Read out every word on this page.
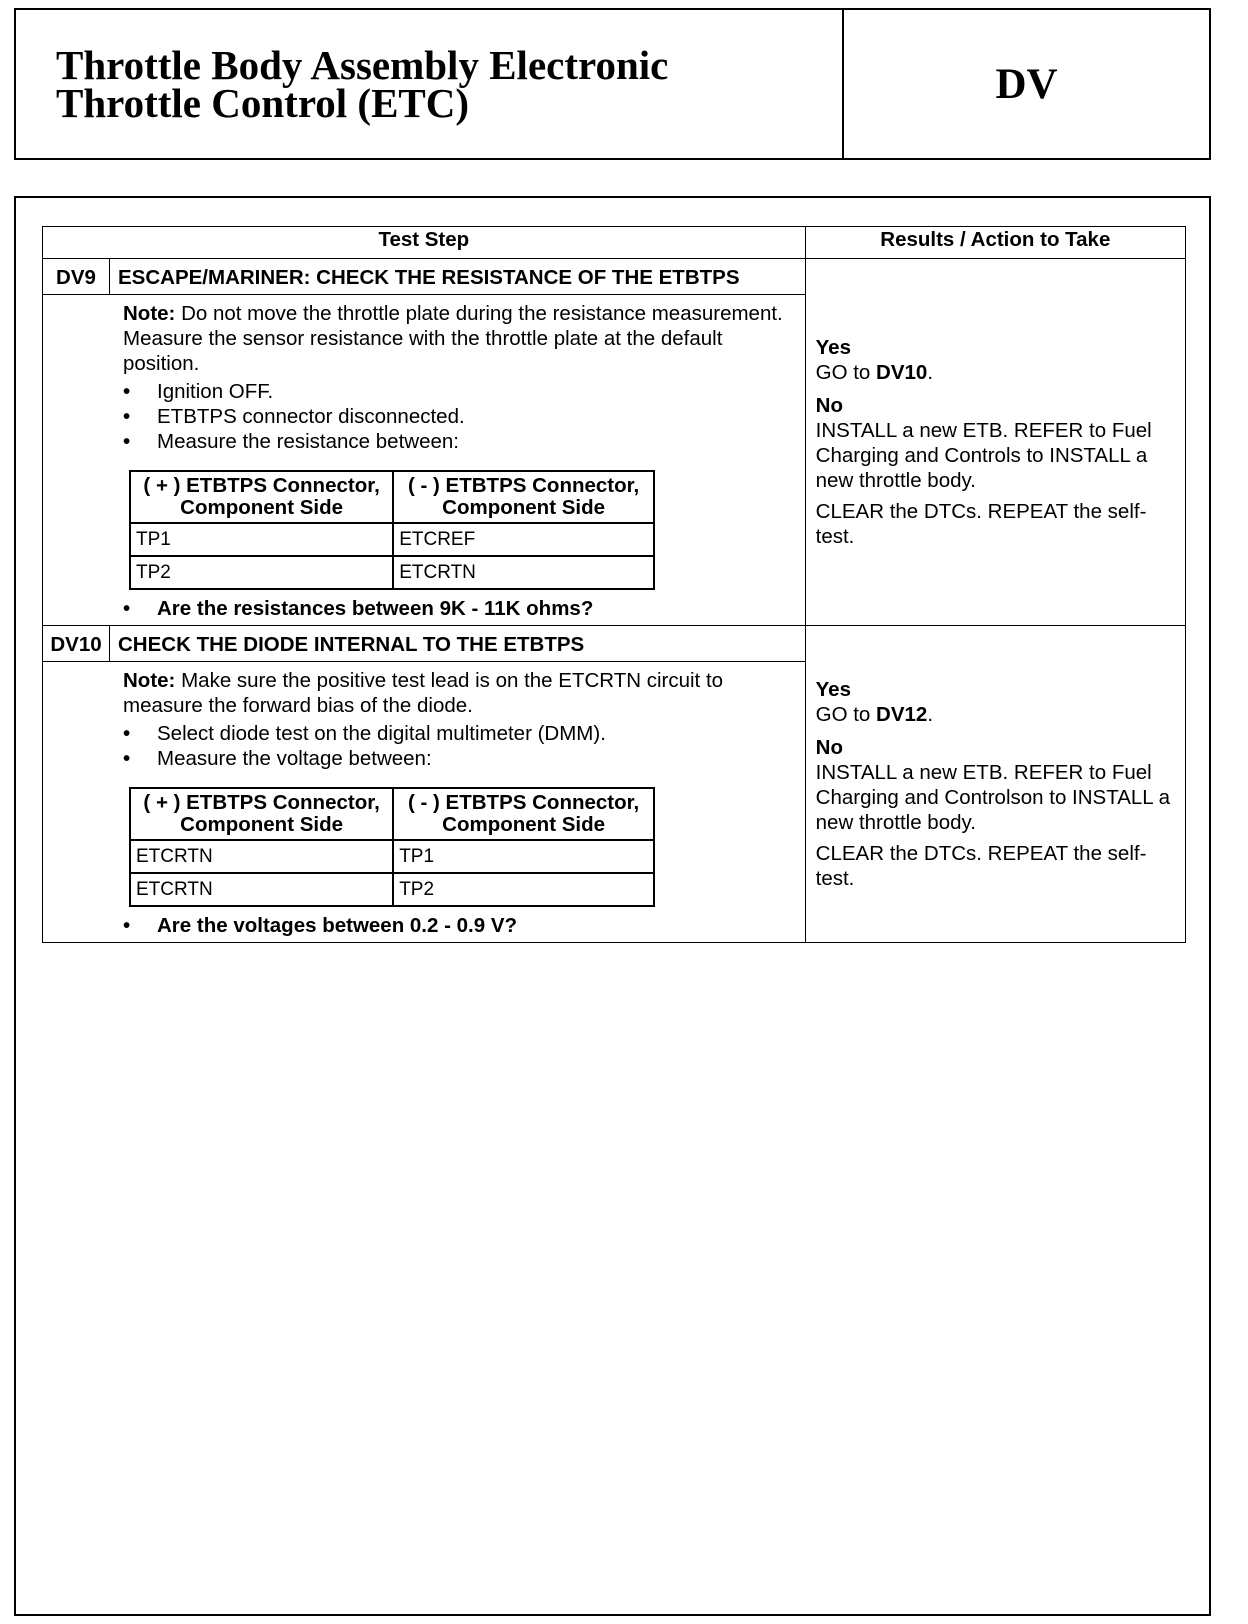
Throttle Body Assembly Electronic
Throttle Control (ETC)	DV
Test Step	Results / Action to Take

DV9	ESCAPE/MARINER: CHECK THE RESISTANCE OF THE ETBTPS
Note: Do not move the throttle plate during the resistance measurement. Measure the sensor resistance with the throttle plate at the default position.
• Ignition OFF.
• ETBTPS connector disconnected.
• Measure the resistance between:
( + ) ETBTPS Connector, Component Side	( - ) ETBTPS Connector, Component Side
TP1	ETCREF
TP2	ETCRTN
• Are the resistances between 9K - 11K ohms?

Yes
GO to DV10.
No
INSTALL a new ETB. REFER to Fuel Charging and Controls to INSTALL a new throttle body.
CLEAR the DTCs. REPEAT the self-test.

DV10	CHECK THE DIODE INTERNAL TO THE ETBTPS
Note: Make sure the positive test lead is on the ETCRTN circuit to measure the forward bias of the diode.
• Select diode test on the digital multimeter (DMM).
• Measure the voltage between:
( + ) ETBTPS Connector, Component Side	( - ) ETBTPS Connector, Component Side
ETCRTN	TP1
ETCRTN	TP2
• Are the voltages between 0.2 - 0.9 V?

Yes
GO to DV12.
No
INSTALL a new ETB. REFER to Fuel Charging and Controlson to INSTALL a new throttle body.
CLEAR the DTCs. REPEAT the self-test.
